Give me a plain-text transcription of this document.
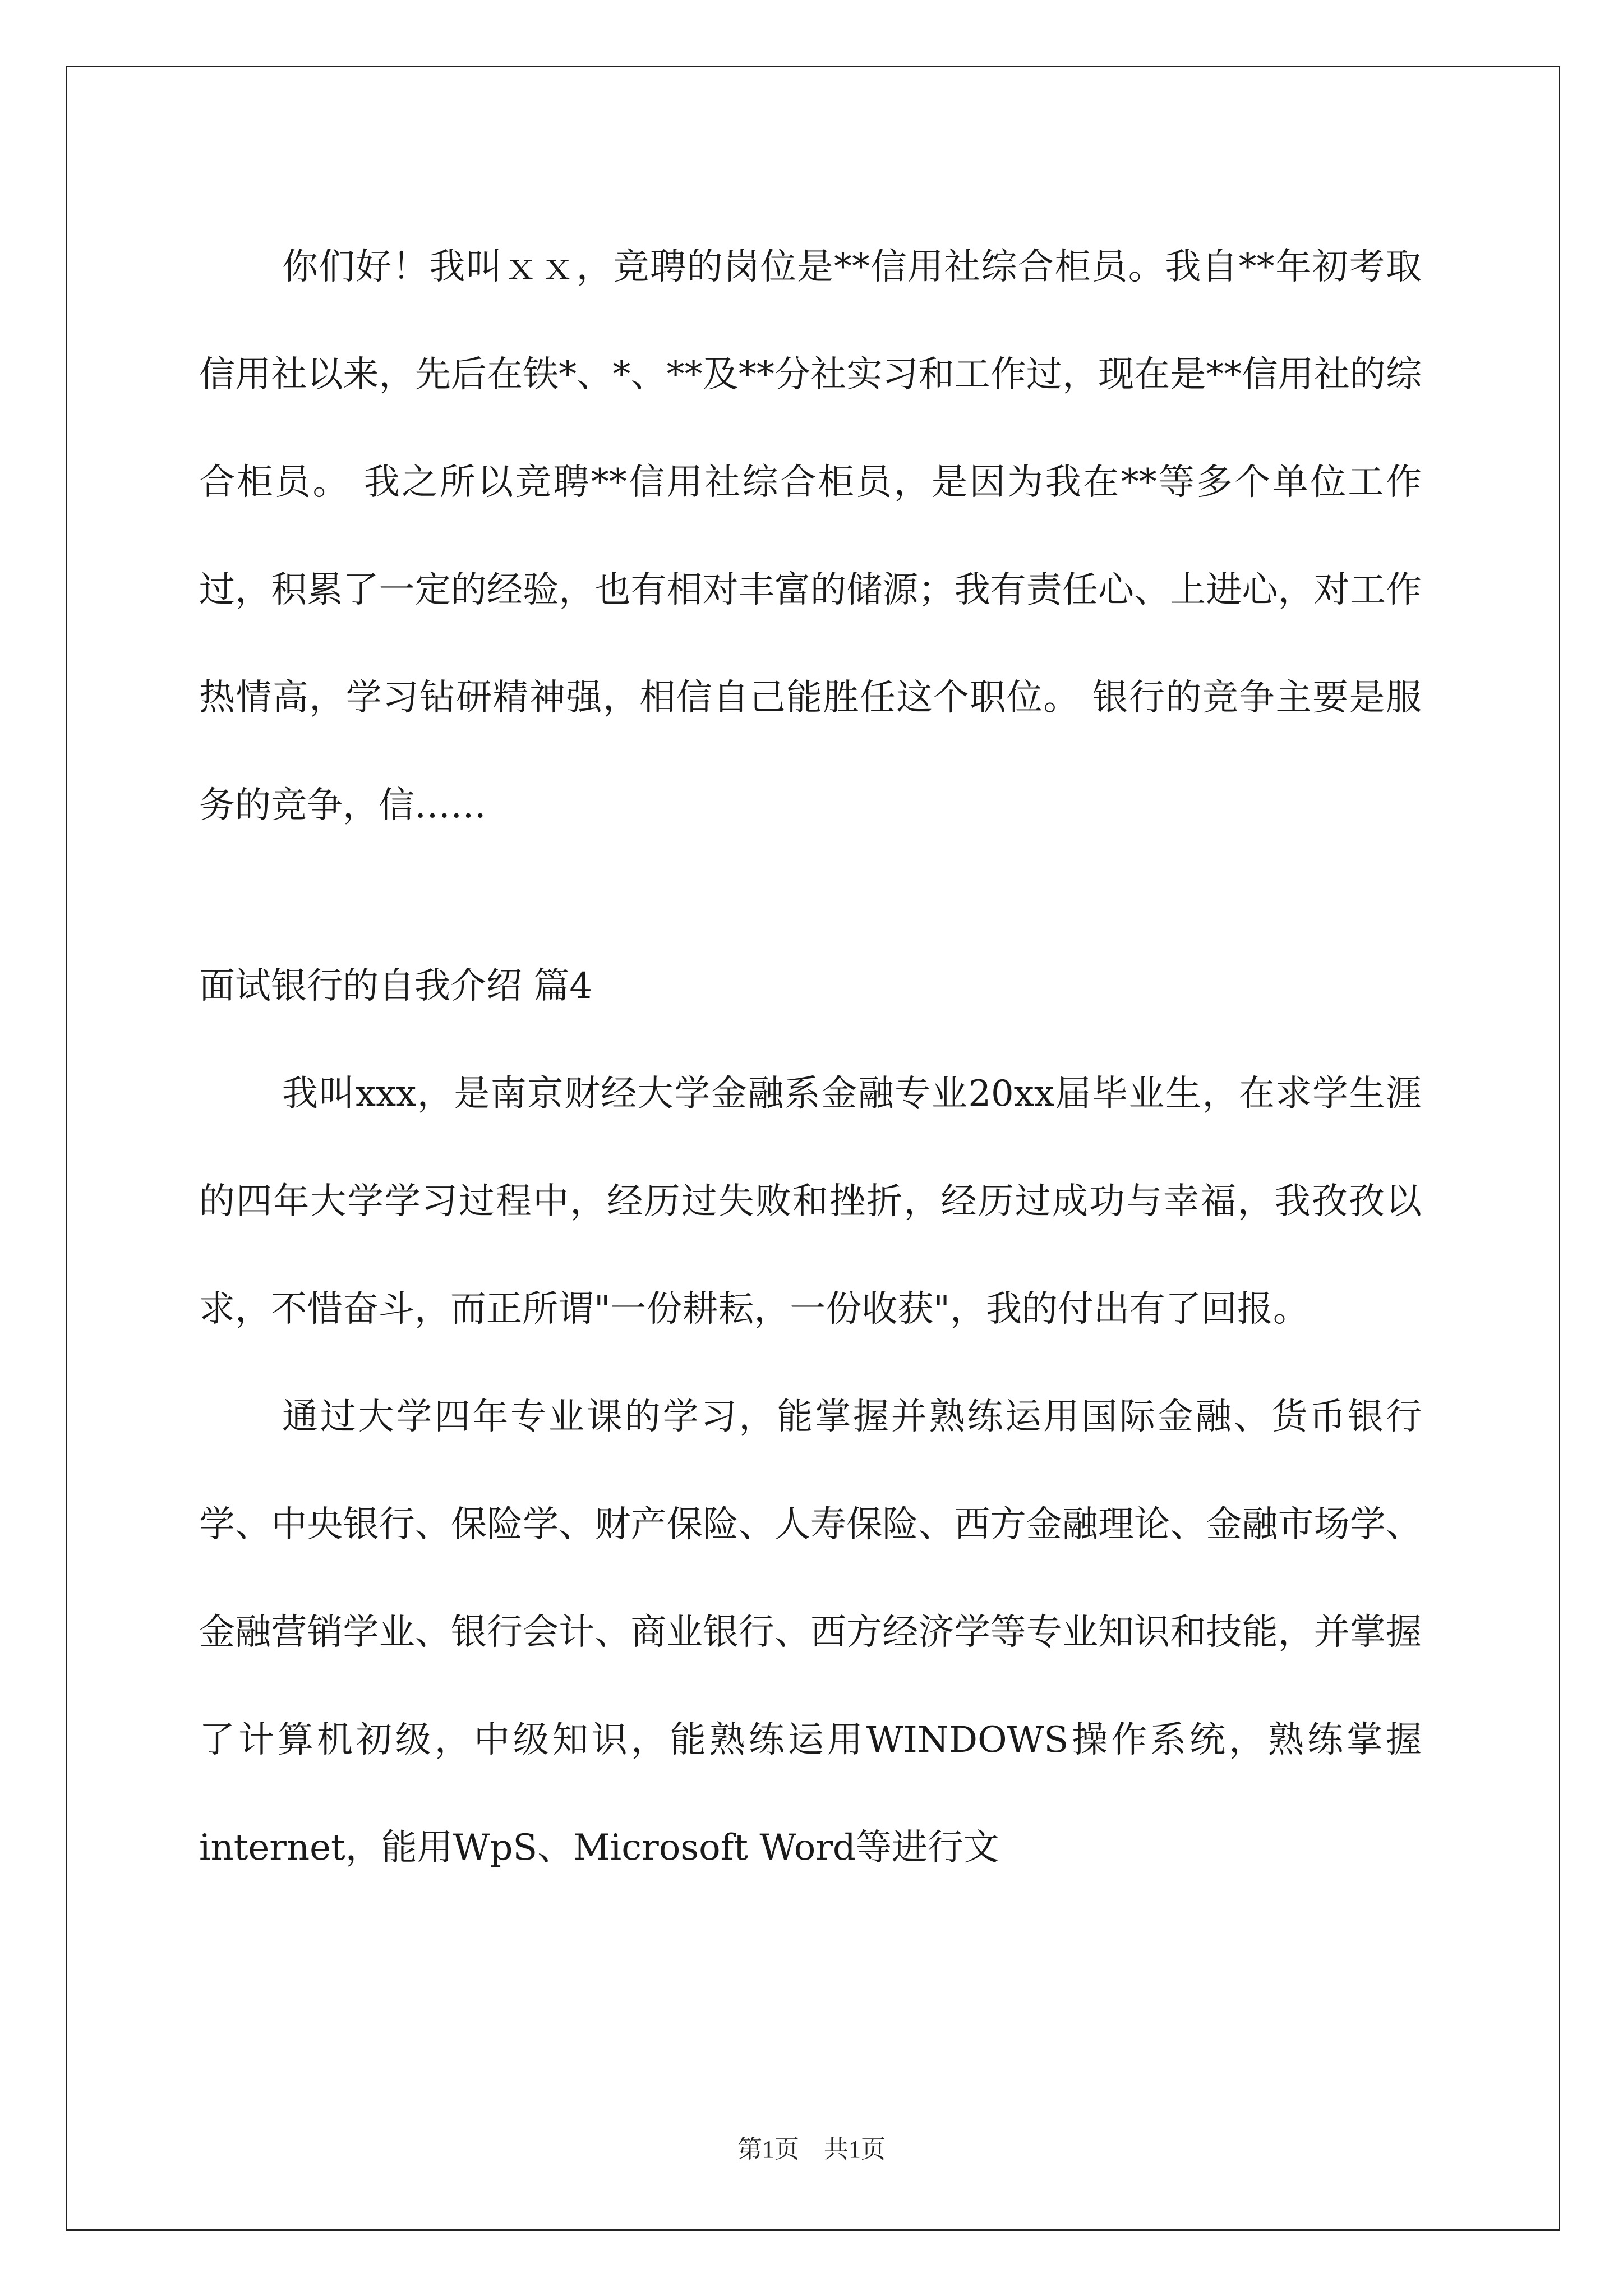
你们好！我叫ｘｘ，竞聘的岗位是**信用社综合柜员。我自**年初考取信用社以来，先后在铁*、*、**及**分社实习和工作过，现在是**信用社的综合柜员。 我之所以竞聘**信用社综合柜员，是因为我在**等多个单位工作过，积累了一定的经验，也有相对丰富的储源；我有责任心、上进心，对工作热情高，学习钻研精神强，相信自己能胜任这个职位。 银行的竞争主要是服务的竞争，信……

面试银行的自我介绍 篇4

我叫xxx，是南京财经大学金融系金融专业20xx届毕业生，在求学生涯的四年大学学习过程中，经历过失败和挫折，经历过成功与幸福，我孜孜以求，不惜奋斗，而正所谓"一份耕耘，一份收获"，我的付出有了回报。

通过大学四年专业课的学习，能掌握并熟练运用国际金融、货币银行学、中央银行、保险学、财产保险、人寿保险、西方金融理论、金融市场学、金融营销学业、银行会计、商业银行、西方经济学等专业知识和技能，并掌握了计算机初级，中级知识，能熟练运用WINDOWS操作系统，熟练掌握internet，能用WpS、Microsoft Word等进行文

第1页　共1页
